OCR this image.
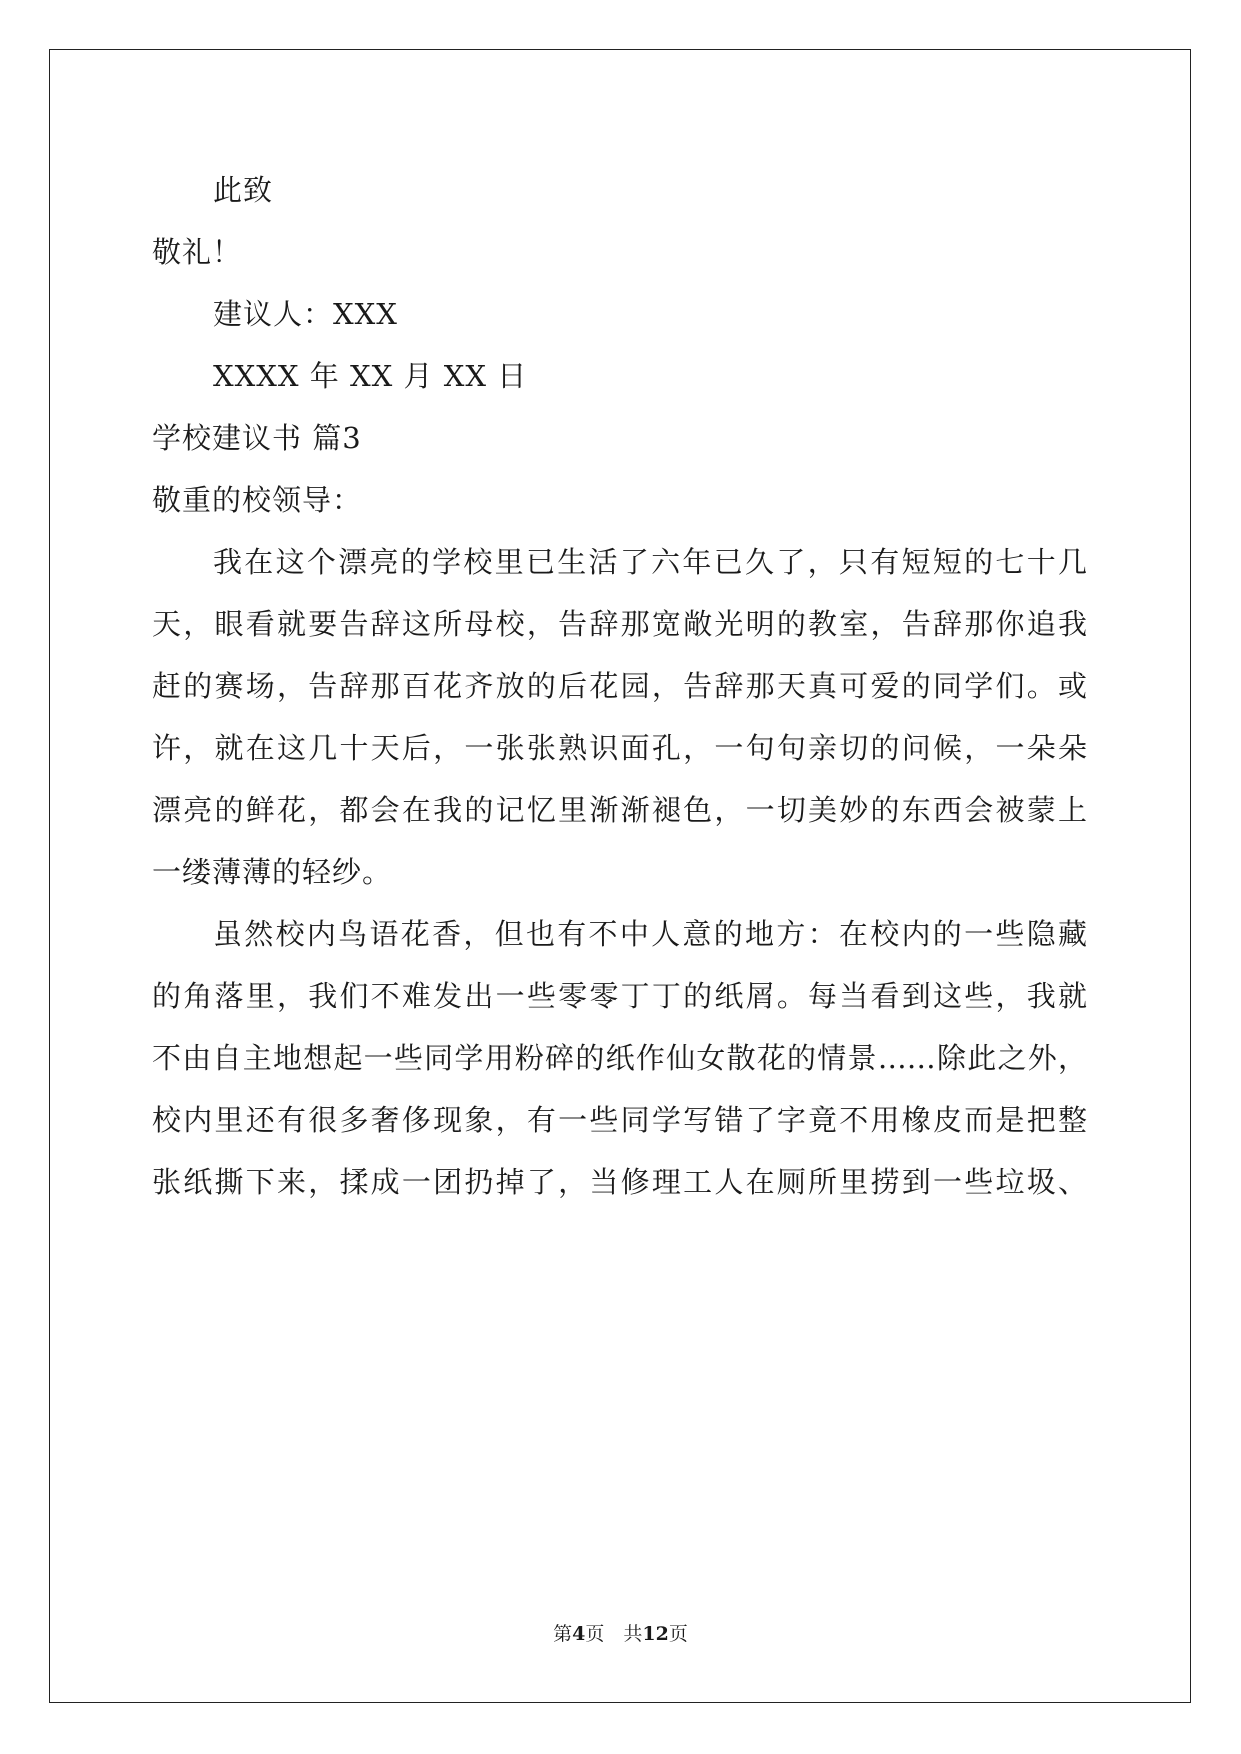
此致
敬礼！
建议人：XXX
XXXX 年 XX 月 XX 日
学校建议书 篇3
敬重的校领导：
我在这个漂亮的学校里已生活了六年已久了，只有短短的七十几
天，眼看就要告辞这所母校，告辞那宽敞光明的教室，告辞那你追我
赶的赛场，告辞那百花齐放的后花园，告辞那天真可爱的同学们。或
许，就在这几十天后，一张张熟识面孔，一句句亲切的问候，一朵朵
漂亮的鲜花，都会在我的记忆里渐渐褪色，一切美妙的东西会被蒙上
一缕薄薄的轻纱。
虽然校内鸟语花香，但也有不中人意的地方：在校内的一些隐藏
的角落里，我们不难发出一些零零丁丁的纸屑。每当看到这些，我就
不由自主地想起一些同学用粉碎的纸作仙女散花的情景……除此之外，
校内里还有很多奢侈现象，有一些同学写错了字竟不用橡皮而是把整
张纸撕下来，揉成一团扔掉了，当修理工人在厕所里捞到一些垃圾、
第4页　共12页
